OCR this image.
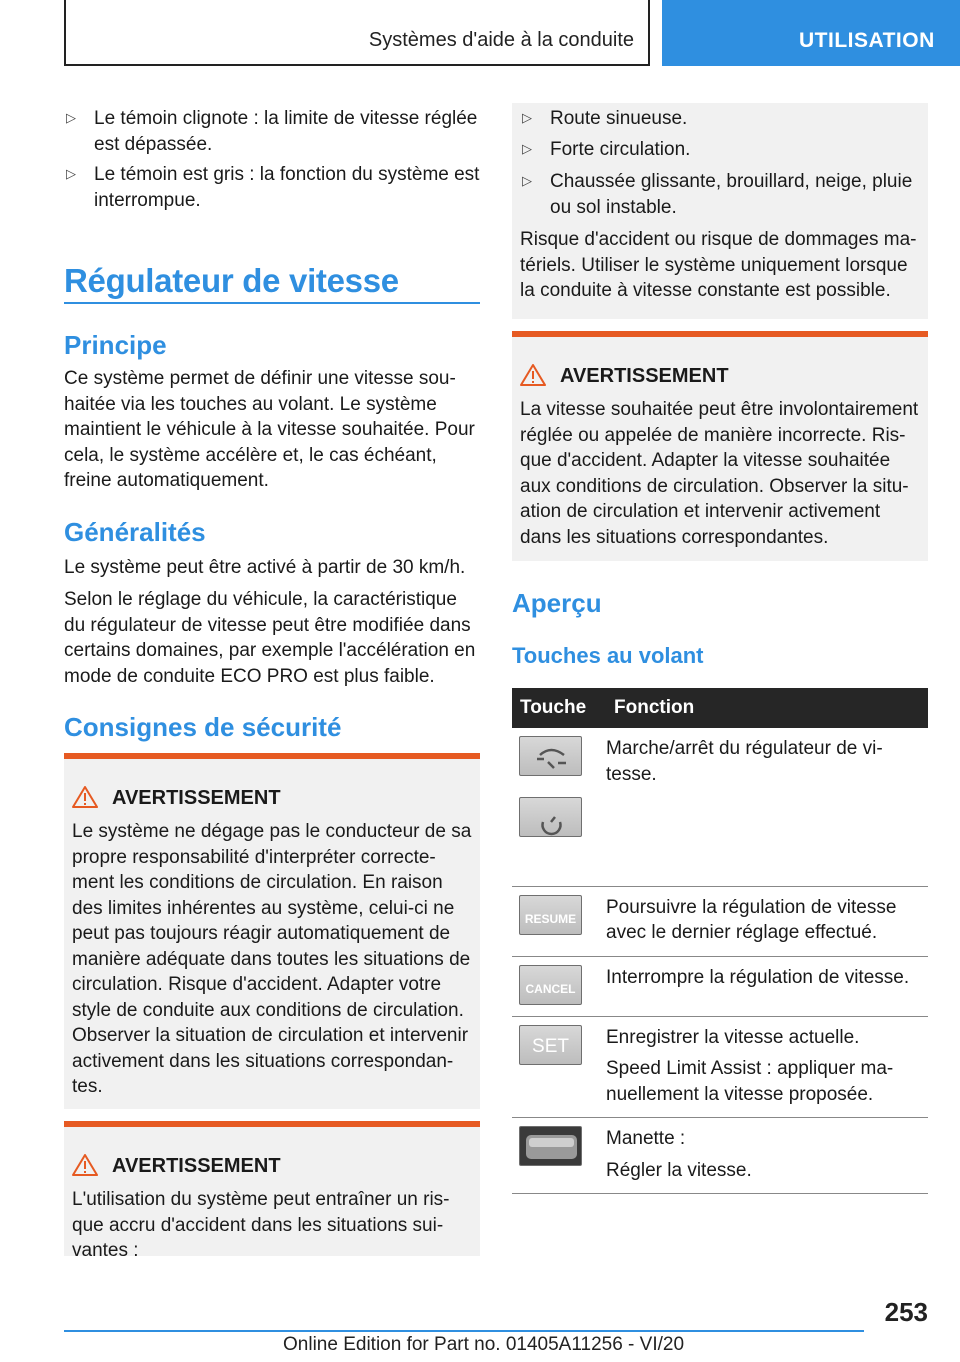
Systèmes d'aide à la conduite	UTILISATION
▷ Le témoin clignote : la limite de vitesse réglée est dépassée.
▷ Le témoin est gris : la fonction du système est interrompue.
Régulateur de vitesse
Principe
Ce système permet de définir une vitesse sou-haitée via les touches au volant. Le système maintient le véhicule à la vitesse souhaitée. Pour cela, le système accélère et, le cas échéant, freine automatiquement.
Généralités
Le système peut être activé à partir de 30 km/h.
Selon le réglage du véhicule, la caractéristique du régulateur de vitesse peut être modifiée dans certains domaines, par exemple l'accélération en mode de conduite ECO PRO est plus faible.
Consignes de sécurité
AVERTISSEMENT
Le système ne dégage pas le conducteur de sa propre responsabilité d'interpréter correcte-ment les conditions de circulation. En raison des limites inhérentes au système, celui-ci ne peut pas toujours réagir automatiquement de manière adéquate dans toutes les situations de circulation. Risque d'accident. Adapter votre style de conduite aux conditions de circulation. Observer la situation de circulation et intervenir activement dans les situations correspondan-tes.
AVERTISSEMENT
L'utilisation du système peut entraîner un ris-que accru d'accident dans les situations sui-vantes :
▷ Route sinueuse.
▷ Forte circulation.
▷ Chaussée glissante, brouillard, neige, pluie ou sol instable.
Risque d'accident ou risque de dommages ma-tériels. Utiliser le système uniquement lorsque la conduite à vitesse constante est possible.
AVERTISSEMENT
La vitesse souhaitée peut être involontairement réglée ou appelée de manière incorrecte. Ris-que d'accident. Adapter la vitesse souhaitée aux conditions de circulation. Observer la situ-ation de circulation et intervenir activement dans les situations correspondantes.
Aperçu
Touches au volant
Touche	Fonction

Marche/arrêt du régulateur de vi-tesse.

RESUME	Poursuivre la régulation de vitesse avec le dernier réglage effectué.

CANCEL	Interrompre la régulation de vitesse.

SET	Enregistrer la vitesse actuelle.
Speed Limit Assist : appliquer ma-nuellement la vitesse proposée.

Manette :
Régler la vitesse.
253
Online Edition for Part no. 01405A11256 - VI/20
